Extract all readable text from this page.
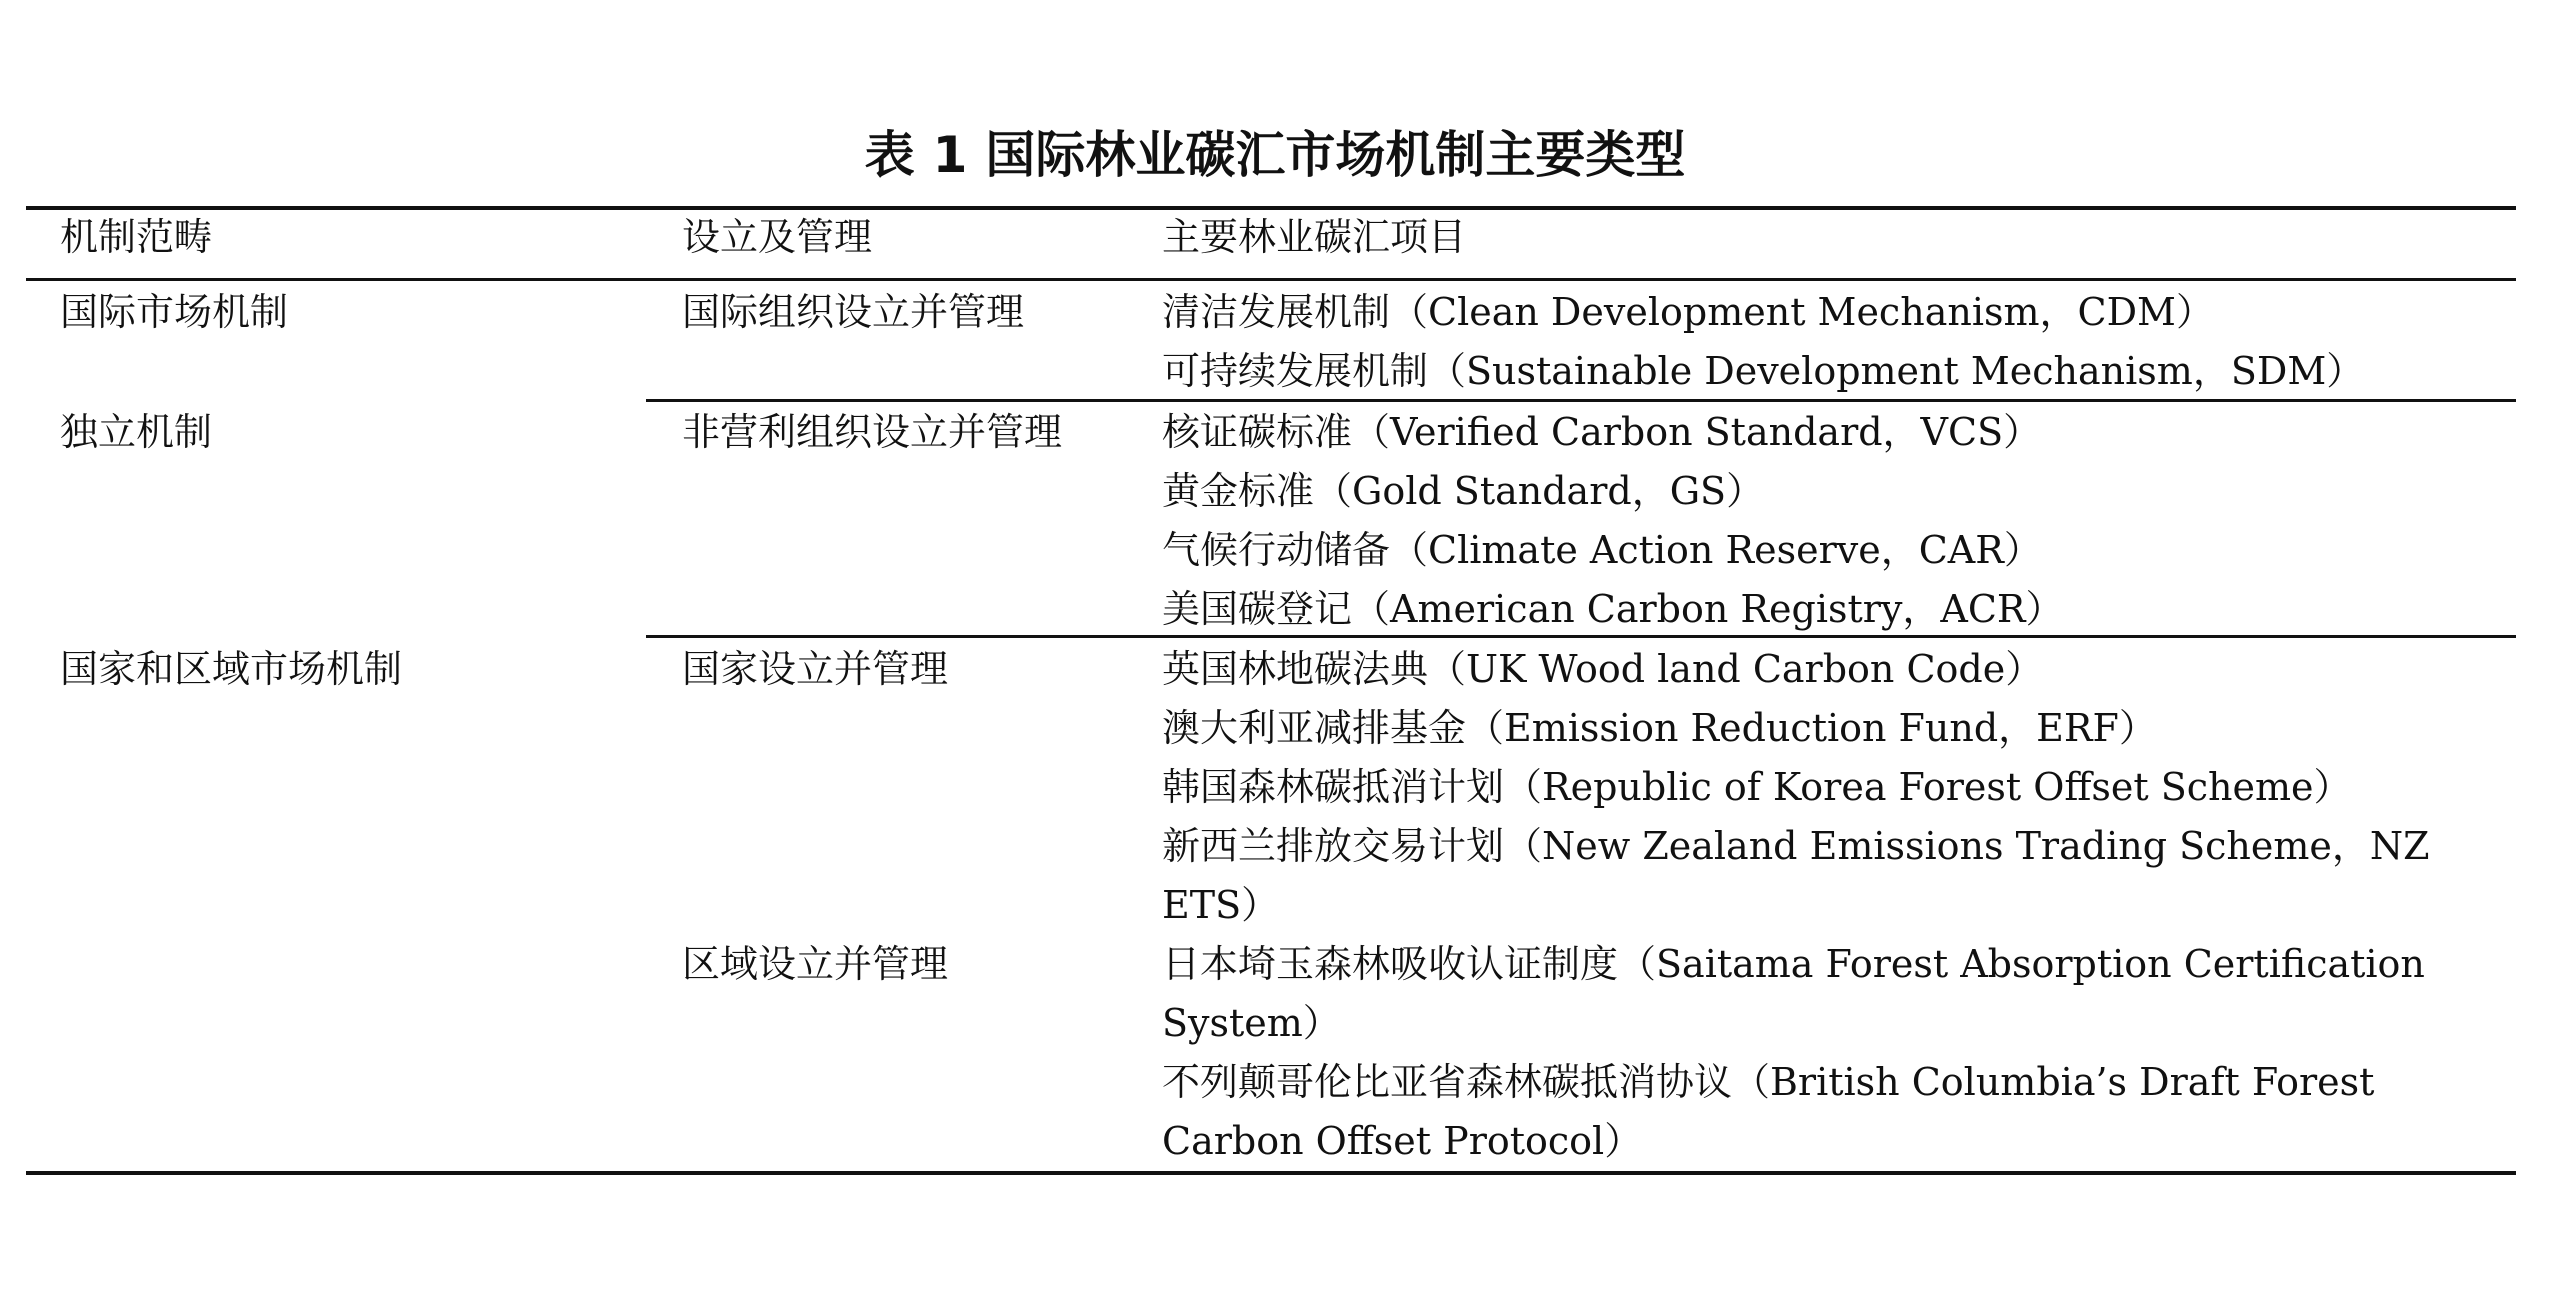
表 1 国际林业碳汇市场机制主要类型
机制范畴	设立及管理	主要林业碳汇项目
国际市场机制	国际组织设立并管理	清洁发展机制（Clean Development Mechanism，CDM）
可持续发展机制（Sustainable Development Mechanism，SDM）
独立机制	非营利组织设立并管理	核证碳标准（Verified Carbon Standard，VCS）
黄金标准（Gold Standard，GS）
气候行动储备（Climate Action Reserve，CAR）
美国碳登记（American Carbon Registry，ACR）
国家和区域市场机制	国家设立并管理	英国林地碳法典（UK Wood land Carbon Code）
澳大利亚减排基金（Emission Reduction Fund，ERF）
韩国森林碳抵消计划（Republic of Korea Forest Offset Scheme）
新西兰排放交易计划（New Zealand Emissions Trading Scheme，NZ
ETS）
区域设立并管理	日本埼玉森林吸收认证制度（Saitama Forest Absorption Certification
System）
不列颠哥伦比亚省森林碳抵消协议（British Columbia’s Draft Forest
Carbon Offset Protocol）
